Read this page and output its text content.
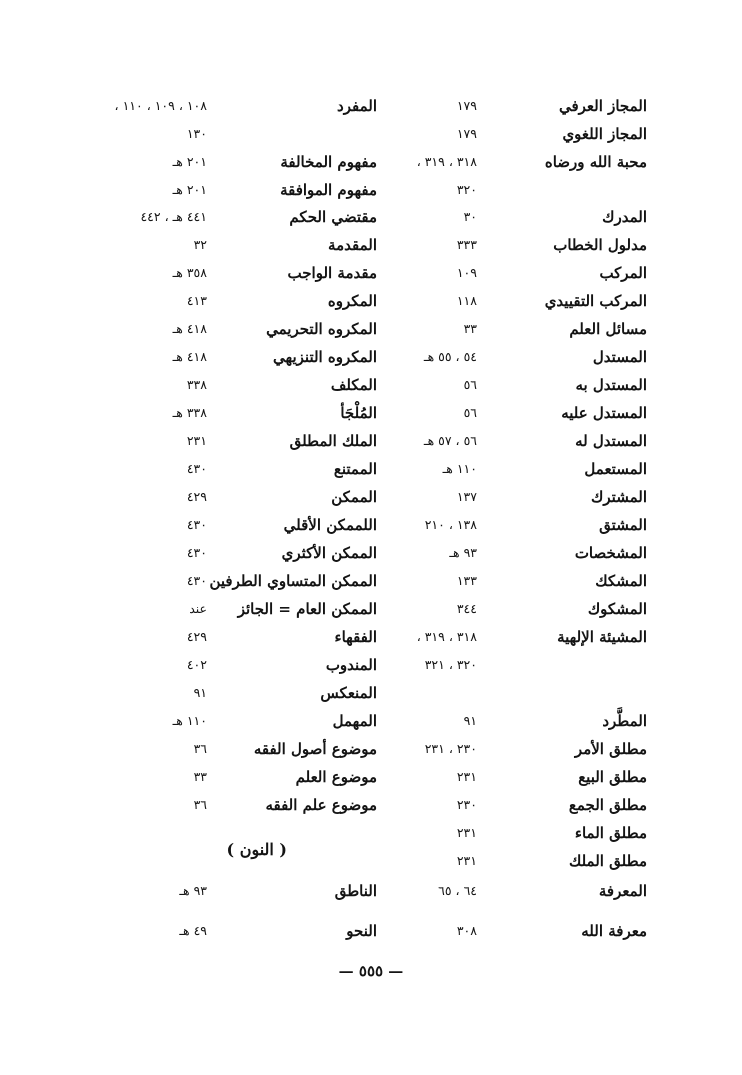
المجاز العرفي
١٧٩
المفرد
١٠٨ ، ١٠٩ ، ١١٠ ،
المجاز اللغوي
١٧٩
١٣٠
محبة الله ورضاه
٣١٨ ، ٣١٩ ،
مفهوم المخالفة
٢٠١ هـ
٣٢٠
مفهوم الموافقة
٢٠١ هـ
المدرك
٣٠
مقتضي الحكم
٤٤١ هـ ، ٤٤٢
مدلول الخطاب
٣٣٣
المقدمة
٣٢
المركب
١٠٩
مقدمة الواجب
٣٥٨ هـ
المركب التقييدي
١١٨
المكروه
٤١٣
مسائل العلم
٣٣
المكروه التحريمي
٤١٨ هـ
المستدل
٥٤ ، ٥٥ هـ
المكروه التنزيهي
٤١٨ هـ
المستدل به
٥٦
المكلف
٣٣٨
المستدل عليه
٥٦
المُلْجَأ
٣٣٨ هـ
المستدل له
٥٦ ، ٥٧ هـ
الملك المطلق
٢٣١
المستعمل
١١٠ هـ
الممتنع
٤٣٠
المشترك
١٣٧
الممكن
٤٢٩
المشتق
١٣٨ ، ٢١٠
اللممكن الأقلي
٤٣٠
المشخصات
٩٣ هـ
الممكن الأكثري
٤٣٠
المشكك
١٣٣
الممكن المتساوي الطرفين
٤٣٠
المشكوك
٣٤٤
الممكن العام = الجائز
عند
المشيئة الإلهية
٣١٨ ، ٣١٩ ،
الفقهاء
٤٢٩
٣٢٠ ، ٣٢١
المندوب
٤٠٢
المنعكس
٩١
المطَّرد
٩١
المهمل
١١٠ هـ
مطلق الأمر
٢٣٠ ، ٢٣١
موضوع أصول الفقه
٣٦
مطلق البيع
٢٣١
موضوع العلم
٣٣
مطلق الجمع
٢٣٠
موضوع علم الفقه
٣٦
مطلق الماء
٢٣١
مطلق الملك
٢٣١
المعرفة
٦٤ ، ٦٥
الناطق
٩٣ هـ
معرفة الله
٣٠٨
النحو
٤٩ هـ
( النون )
— ٥٥٥ —
